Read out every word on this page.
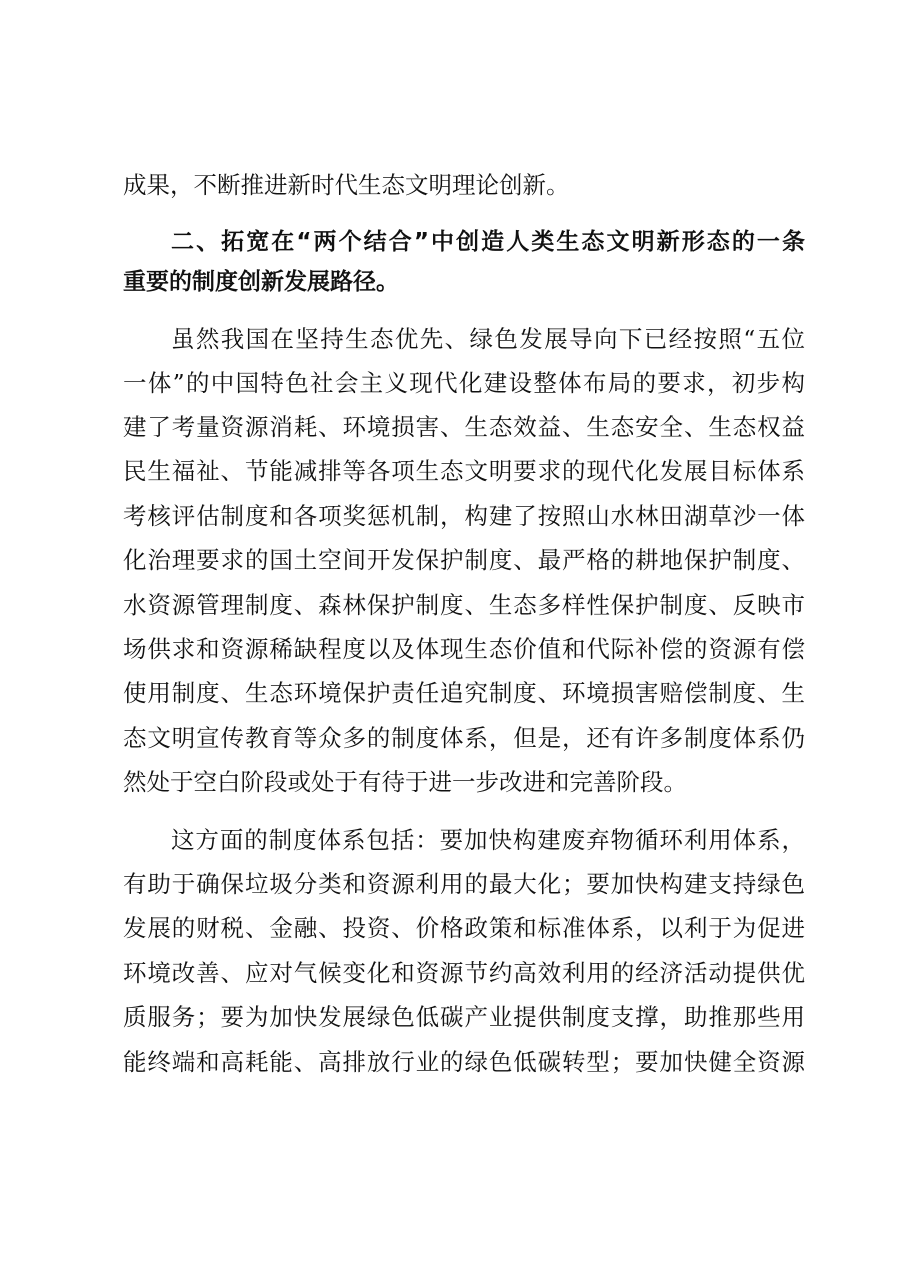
成果，不断推进新时代生态文明理论创新。
二、拓宽在“两个结合”中创造人类生态文明新形态的一条
重要的制度创新发展路径。
虽然我国在坚持生态优先、绿色发展导向下已经按照“五位
一体”的中国特色社会主义现代化建设整体布局的要求，初步构
建了考量资源消耗、环境损害、生态效益、生态安全、生态权益
民生福祉、节能减排等各项生态文明要求的现代化发展目标体系
考核评估制度和各项奖惩机制，构建了按照山水林田湖草沙一体
化治理要求的国土空间开发保护制度、最严格的耕地保护制度、
水资源管理制度、森林保护制度、生态多样性保护制度、反映市
场供求和资源稀缺程度以及体现生态价值和代际补偿的资源有偿
使用制度、生态环境保护责任追究制度、环境损害赔偿制度、生
态文明宣传教育等众多的制度体系，但是，还有许多制度体系仍
然处于空白阶段或处于有待于进一步改进和完善阶段。
这方面的制度体系包括：要加快构建废弃物循环利用体系，
有助于确保垃圾分类和资源利用的最大化；要加快构建支持绿色
发展的财税、金融、投资、价格政策和标准体系，以利于为促进
环境改善、应对气候变化和资源节约高效利用的经济活动提供优
质服务；要为加快发展绿色低碳产业提供制度支撑，助推那些用
能终端和高耗能、高排放行业的绿色低碳转型；要加快健全资源
